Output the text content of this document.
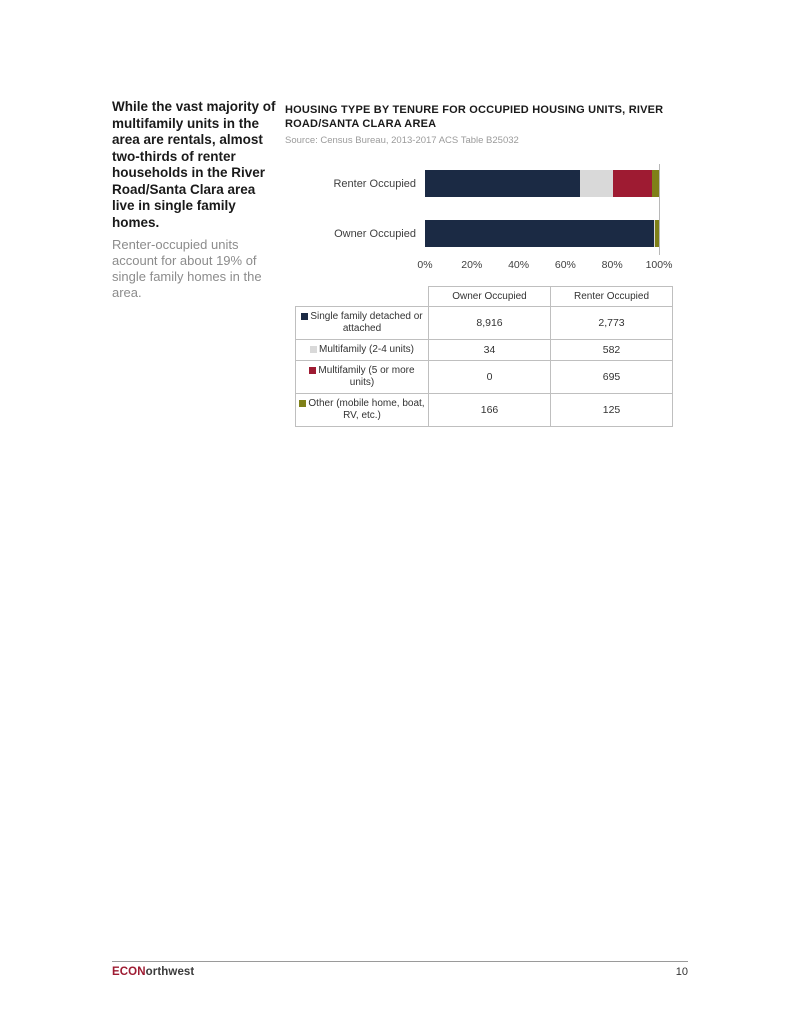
While the vast majority of multifamily units in the area are rentals, almost two-thirds of renter households in the River Road/Santa Clara area live in single family homes.

Renter-occupied units account for about 19% of single family homes in the area.

HOUSING TYPE BY TENURE FOR OCCUPIED HOUSING UNITS, RIVER ROAD/SANTA CLARA AREA

Source: Census Bureau, 2013-2017 ACS Table B25032

Renter Occupied
Owner Occupied
0%	20% 40% 60% 80% 100%
	Owner Occupied	Renter Occupied
Single family detached or attached	8,916	2,773
Multifamily (2-4 units)	34	582
Multifamily (5 or more units)	0	695
Other (mobile home, boat, RV, etc.)	166	125
ECONorthwest	10
